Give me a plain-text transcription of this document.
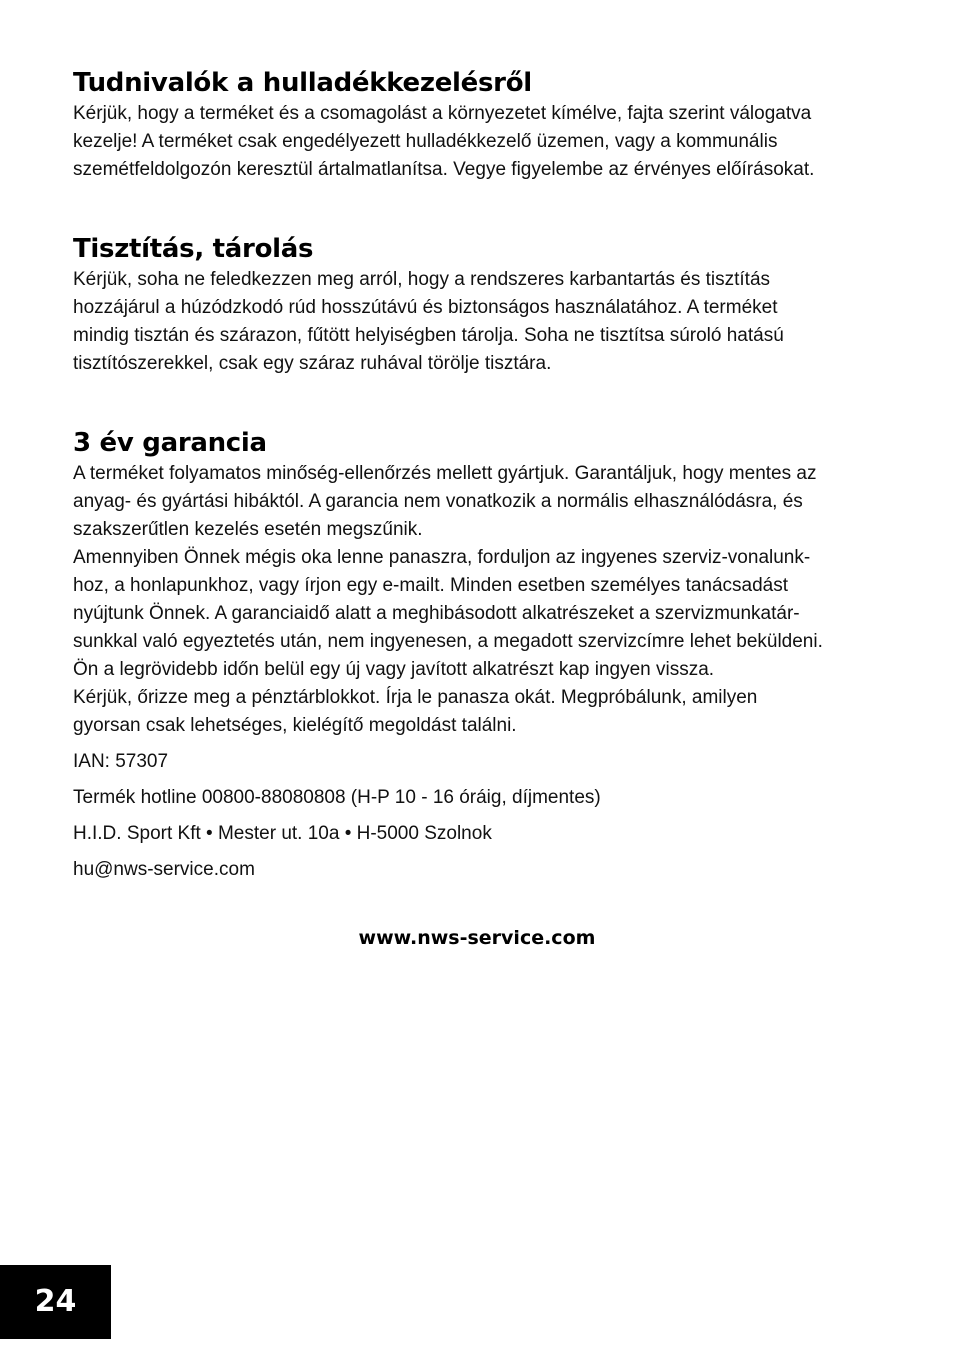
Tudnivalók a hulladékkezelésről

Kérjük, hogy a terméket és a csomagolást a környezetet kímélve, fajta szerint válogatva
kezelje! A terméket csak engedélyezett hulladékkezelő üzemen, vagy a kommunális
szemétfeldolgozón keresztül ártalmatlanítsa. Vegye figyelembe az érvényes előírásokat.

Tisztítás, tárolás

Kérjük, soha ne feledkezzen meg arról, hogy a rendszeres karbantartás és tisztítás
hozzájárul a húzódzkodó rúd hosszútávú és biztonságos használatához. A terméket
mindig tisztán és szárazon, fűtött helyiségben tárolja. Soha ne tisztítsa súroló hatású
tisztítószerekkel, csak egy száraz ruhával törölje tisztára.

3 év garancia

A terméket folyamatos minőség-ellenőrzés mellett gyártjuk. Garantáljuk, hogy mentes az
anyag- és gyártási hibáktól. A garancia nem vonatkozik a normális elhasználódásra, és
szakszerűtlen kezelés esetén megszűnik.
Amennyiben Önnek mégis oka lenne panaszra, forduljon az ingyenes szerviz-vonalunk-
hoz, a honlapunkhoz, vagy írjon egy e-mailt. Minden esetben személyes tanácsadást
nyújtunk Önnek. A garanciaidő alatt a meghibásodott alkatrészeket a szervizmunkatár-
sunkkal való egyeztetés után, nem ingyenesen, a megadott szervizcímre lehet beküldeni.
Ön a legrövidebb időn belül egy új vagy javított alkatrészt kap ingyen vissza.
Kérjük, őrizze meg a pénztárblokkot. Írja le panasza okát. Megpróbálunk, amilyen
gyorsan csak lehetséges, kielégítő megoldást találni.

IAN: 57307

Termék hotline 00800-88080808 (H-P 10 - 16 óráig, díjmentes)

H.I.D. Sport Kft • Mester ut. 10a • H-5000 Szolnok

hu@nws-service.com

www.nws-service.com
24
